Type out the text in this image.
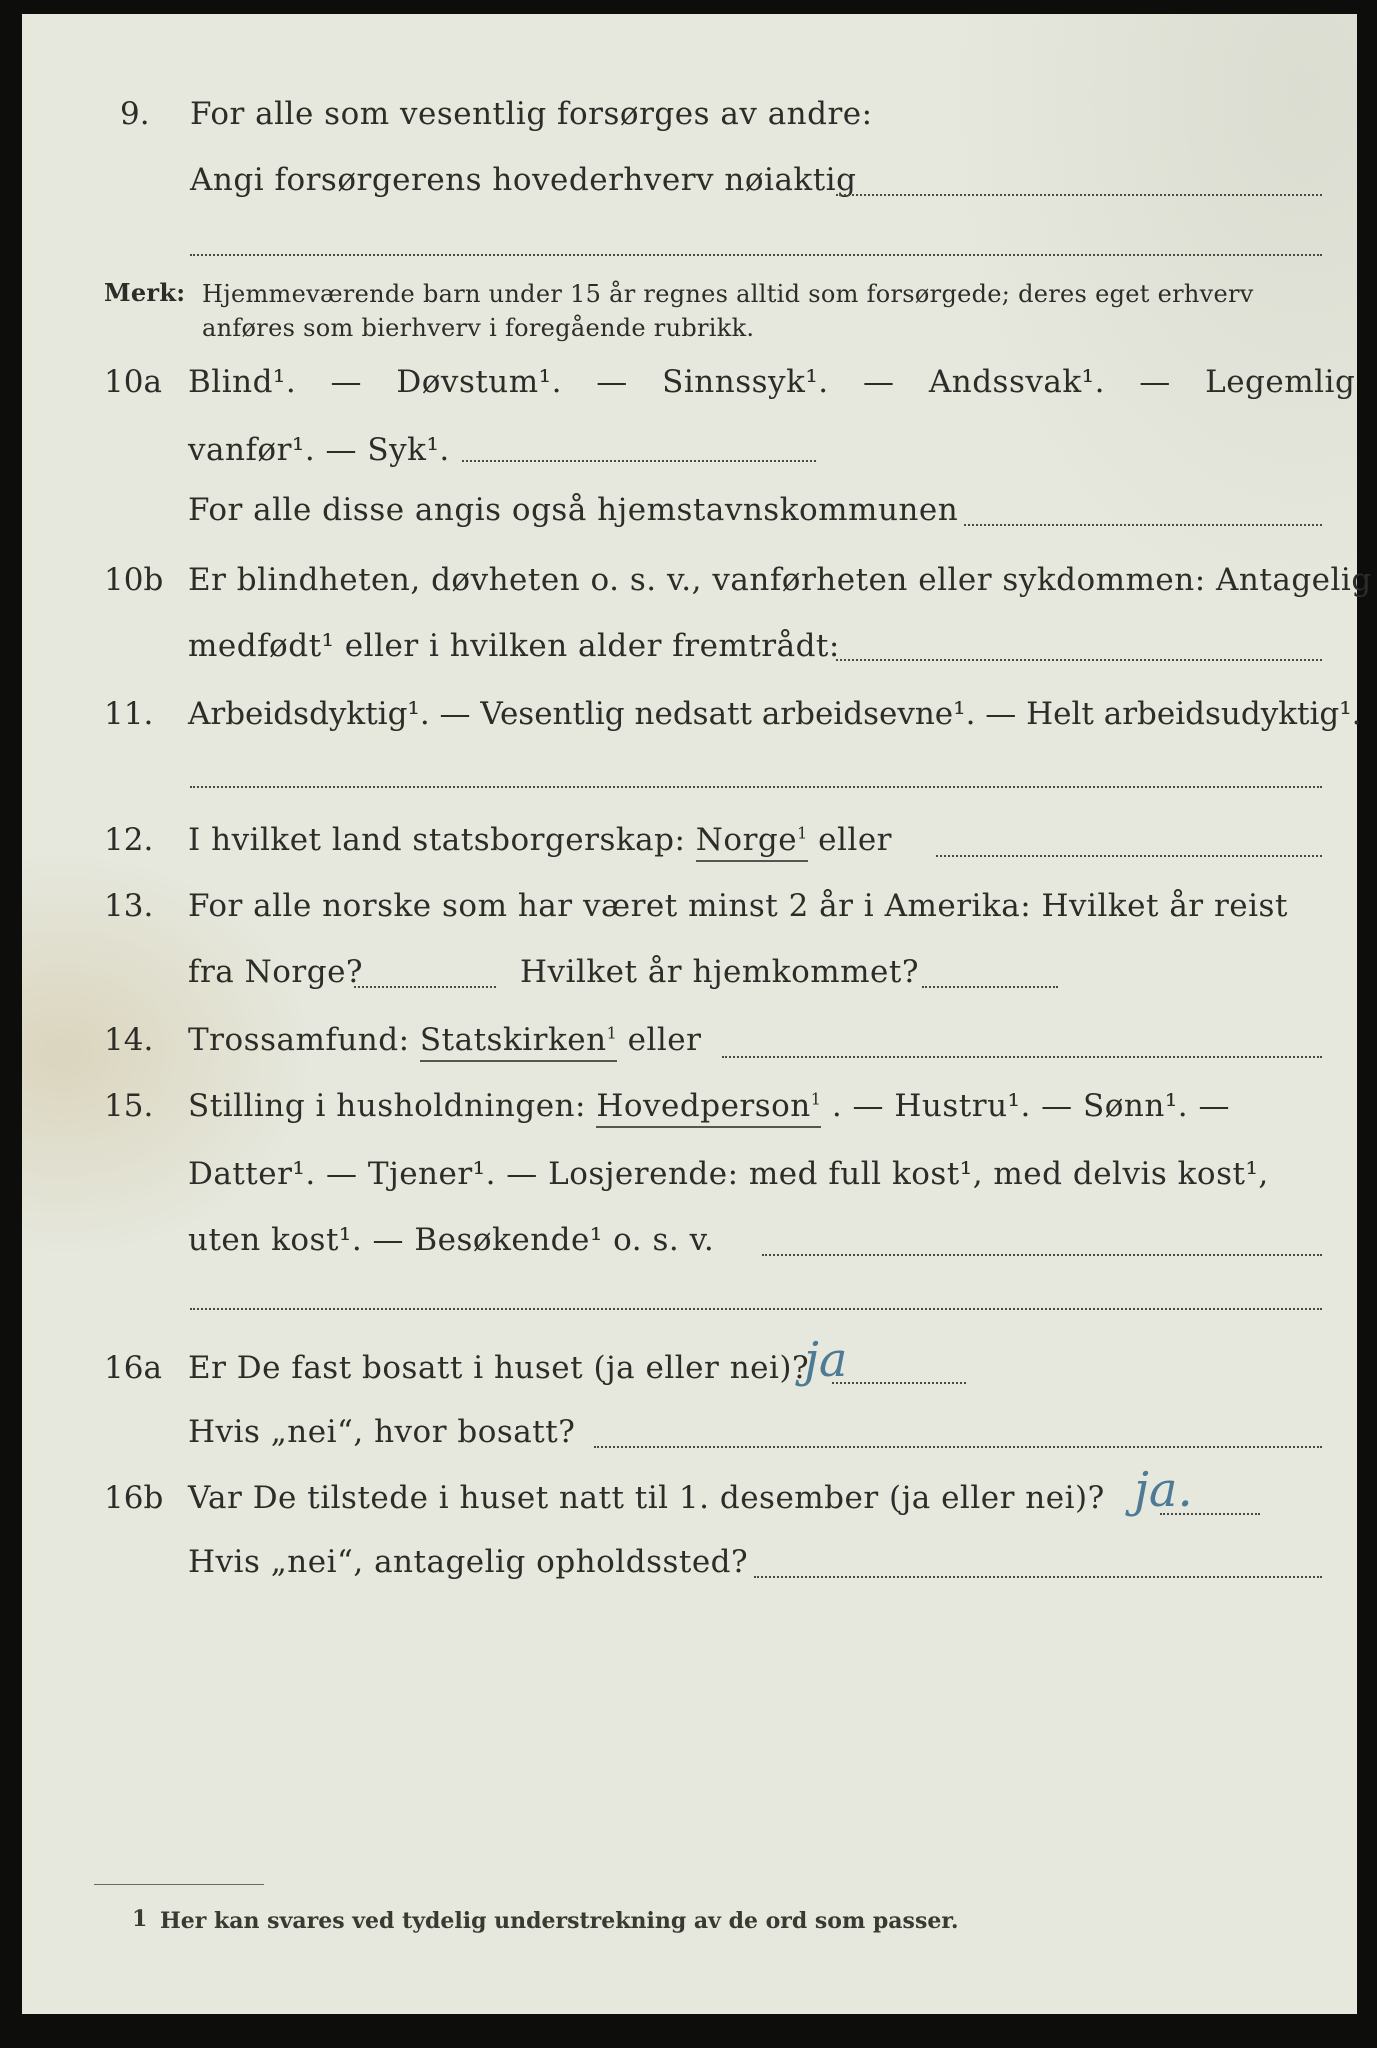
9. For alle som vesentlig forsørges av andre:
Angi forsørgerens hovederhverv nøiaktig
Merk: Hjemmeværende barn under 15 år regnes alltid som forsørgede; deres eget erhverv
anføres som bierhverv i foregående rubrikk.
10a Blind¹. — Døvstum¹. — Sinnssyk¹. — Andssvak¹. — Legemlig
vanfør¹. — Syk¹.
For alle disse angis også hjemstavnskommunen
10b Er blindheten, døvheten o. s. v., vanførheten eller sykdommen: Antagelig
medfødt¹ eller i hvilken alder fremtrådt:
11. Arbeidsdyktig¹. — Vesentlig nedsatt arbeidsevne¹. — Helt arbeidsudyktig¹.
12. I hvilket land statsborgerskap: Norge$^1$ eller
13. For alle norske som har været minst 2 år i Amerika: Hvilket år reist
fra Norge?	Hvilket år hjemkommet?
14. Trossamfund: Statskirken$^1$ eller
15. Stilling i husholdningen: Hovedperson$^1$ . — Hustru¹. — Sønn¹. —
Datter¹. — Tjener¹. — Losjerende: med full kost¹, med delvis kost¹,
uten kost¹. — Besøkende¹ o. s. v.
16a Er De fast bosatt i huset (ja eller nei)?
ja
Hvis „nei“, hvor bosatt?
16b Var De tilstede i huset natt til 1. desember (ja eller nei)? ja.
Hvis „nei“, antagelig opholdssted?
1 Her kan svares ved tydelig understrekning av de ord som passer.
